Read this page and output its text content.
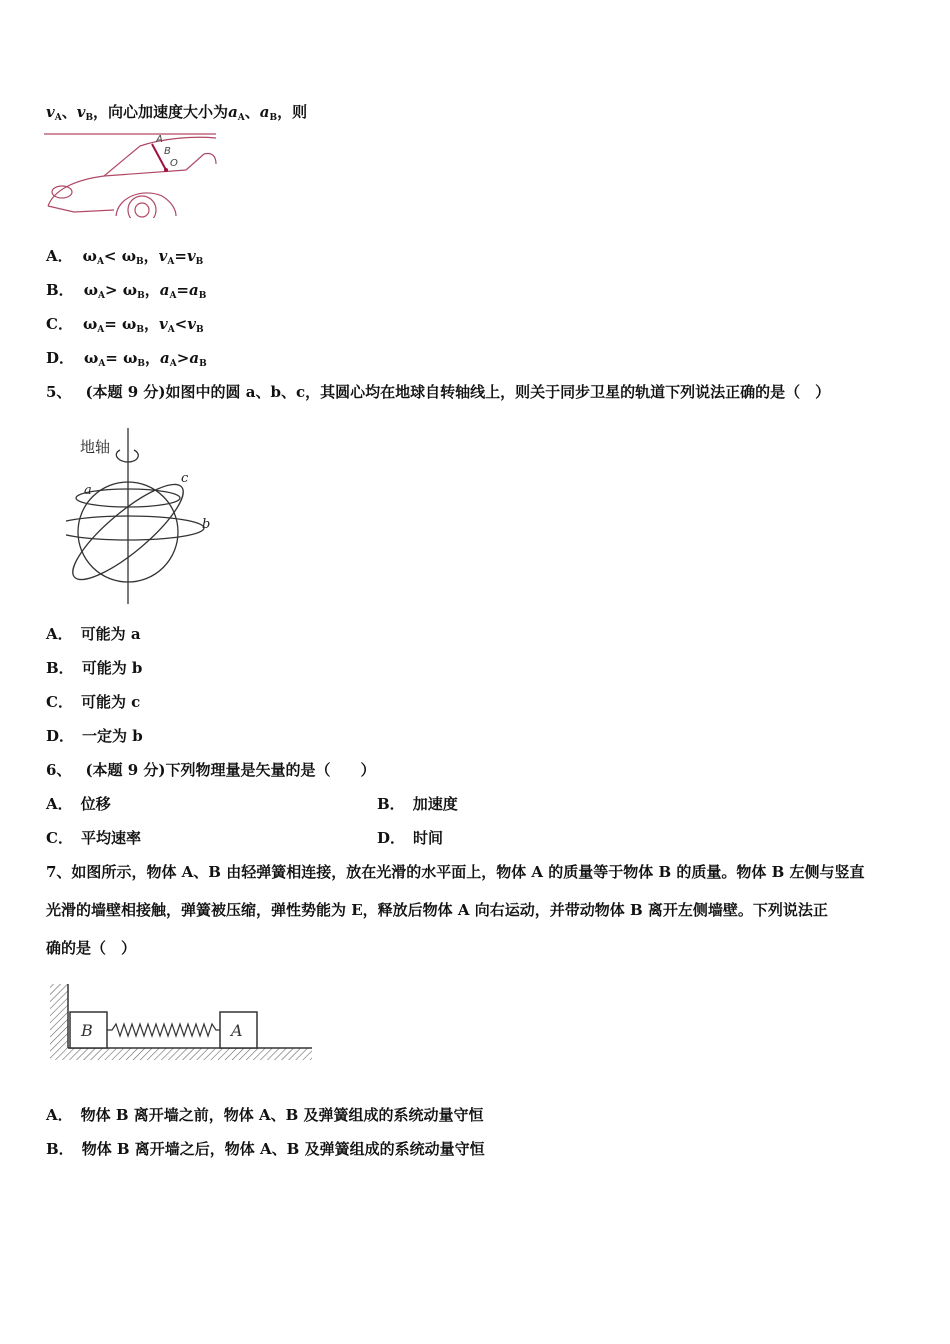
$v_A$、$v_B$，向心加速度大小为$a_A$、$a_B$，则
A
B
O
A． $\omega_A< \omega_B$，$v_A=v_B$
B． $\omega_A> \omega_B$，$a_A=a_B$
C． $\omega_A= \omega_B$，$v_A<v_B$
D． $\omega_A= \omega_B$，$a_A>a_B$
5、 (本题 9 分)如图中的圆 a、b、c，其圆心均在地球自转轴线上，则关于同步卫星的轨道下列说法正确的是（　）
地轴
a
c
b
A． 可能为 a
B． 可能为 b
C． 可能为 c
D． 一定为 b
6、 (本题 9 分)下列物理量是矢量的是（　　）
A． 位移	B． 加速度
C． 平均速率	D． 时间
7、如图所示，物体 A、B 由轻弹簧相连接，放在光滑的水平面上，物体 A 的质量等于物体 B 的质量。物体 B 左侧与竖直
光滑的墙壁相接触，弹簧被压缩，弹性势能为 E，释放后物体 A 向右运动，并带动物体 B 离开左侧墙壁。下列说法正
确的是（　）
B	A
A． 物体 B 离开墙之前，物体 A、B 及弹簧组成的系统动量守恒
B． 物体 B 离开墙之后，物体 A、B 及弹簧组成的系统动量守恒
